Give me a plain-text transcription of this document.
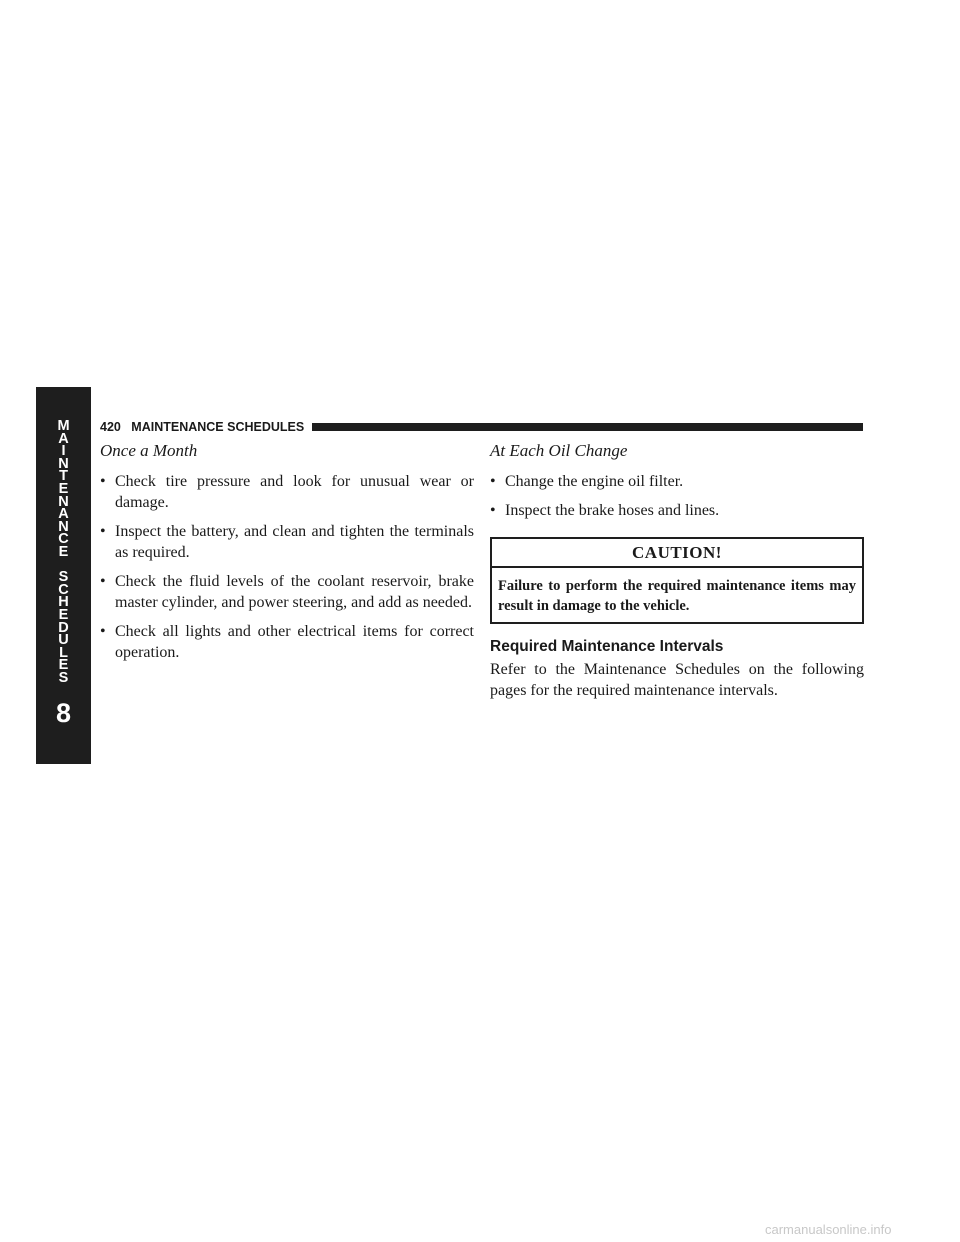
M
A
I
N
T
E
N
A
N
C
E
S
C
H
E
D
U
L
E
S
8
420 MAINTENANCE SCHEDULES
Once a Month
• Check tire pressure and look for unusual wear or damage.
• Inspect the battery, and clean and tighten the terminals as required.
• Check the fluid levels of the coolant reservoir, brake master cylinder, and power steering, and add as needed.
• Check all lights and other electrical items for correct operation.
At Each Oil Change
• Change the engine oil filter.
• Inspect the brake hoses and lines.
CAUTION!
Failure to perform the required maintenance items may result in damage to the vehicle.
Required Maintenance Intervals

Refer to the Maintenance Schedules on the following pages for the required maintenance intervals.

carmanualsonline.info
